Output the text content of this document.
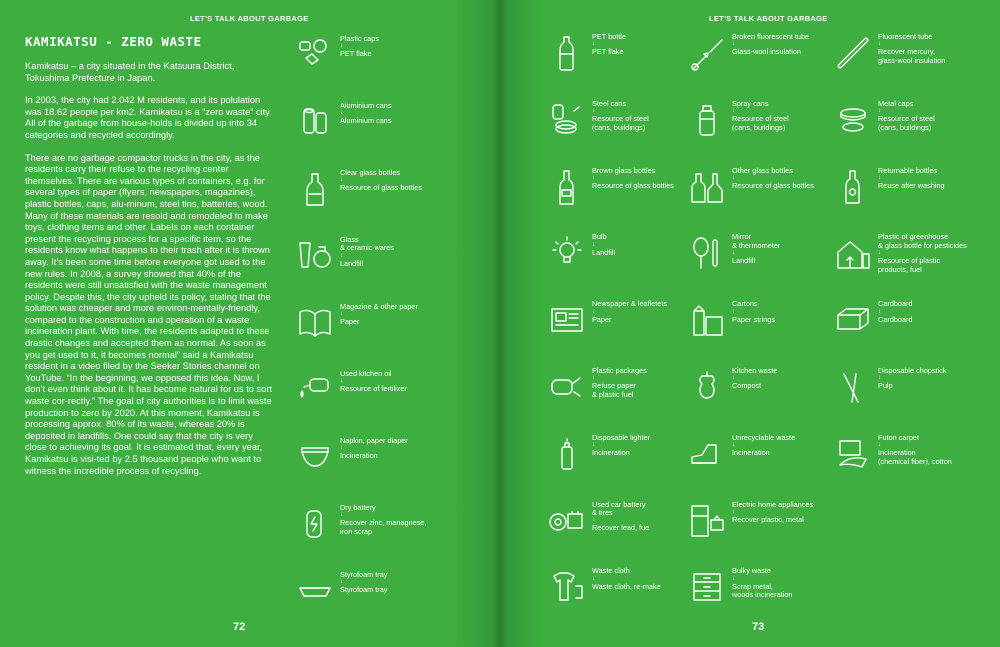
LET'S TALK ABOUT GARBAGE
KAMIKATSU - ZERO WASTE

Kamikatsu – a city situated in the Katsuura District, Tokushima Prefecture in Japan.

In 2003, the city had 2.042 M residents, and its polulation was 18.62 people per km2. Kamikatsu is a “zero waste” city. All of the garbage from house-holds is divided up into 34 categories and recycled accordingly.

There are no garbage compactor trucks in the city, as the residents carry their refuse to the recycling center themselves. There are various types of containers, e.g. for several types of paper (flyers, newspapers, magazines), plastic bottles, caps, alu-minum, steel tins, batteries, wood. Many of these materials are resold and remodeled to make toys, clothing items and other. Labels on each container present the recycling process for a specific item, so the residents know what happens to their trash after it is thrown away. It’s been some time before everyone got used to the new rules. In 2008, a survey showed that 40% of the residents were still unsatisfied with the waste management policy. Despite this, the city upheld its policy, stating that the solution was cheaper and more environ-mentally-friendly, compared to the construction and operation of a waste incineration plant. With time, the residents adapted to these drastic changes and accepted them as normal. As soon as you get used to it, it becomes normal” said a Kamikatsu resident in a video filed by the Seeker Stories channel on YouTube. “In the beginning, we opposed this idea. Now, I don’t even think about it. It has become natural for us to sort waste cor-rectly.” The goal of city authorities is to limit waste production to zero by 2020. At this moment, Kamikatsu is processing approx. 80% of its waste, whereas 20% is deposited in landfills. One could say that the city is very close to achieving its goal. It is estimated that, every year, Kamikatsu is visi-ted by 2.5 thousand people who want to witness the incredible process of recycling.

Plastic caps
↓
PET flake
Aluminium cans
↓
Aluminium cans
Clear glass bottles
↓
Resource of glass bottles
Glass
& ceramic wares
↓
Landfill
Magazine & other paper
↓
Paper
Used kitchen oil
↓
Resource of fertilizer
Napkin, paper diaper
↓
Incineration
Dry battery
↓
Recover zinc, managnese,
iron scrap
Styrofoam tray
↓
Styrofoam tray
72
LET'S TALK ABOUT GARBAGE
PET bottle
↓
PET flake
Steel cans
↓
Resource of steel
(cans, buildings)
Brown glass bottles
↓
Resource of glass bottles
Bulb
↓
Landfill
Newspaper & leafletets
↓
Paper
Plastic packages
↓
Refuse paper
& plastic fuel
Disposable lighter
↓
Incineration
Used car battery
& tires
↓
Recover lead, fue
Waste cloth
↓
Waste cloth, re-make
Broken fluorescent tube
↓
Glass-wool insulation
Spray cans
↓
Resource of steel
(cans, buildings)
Other glass bottles
↓
Resource of glass bottles
Mirror
& thermometer
↓
Landfill
Cartons
↓
Paper strings
Kitchen waste
↓
Compost
Unrecyclable waste
↓
Incineration
Electric home appliances
↓
Recover plastic, metal
Bulky waste
↓
Scrap metal,
woods incineration
Fluorescent tube
↓
Recover mercury,
glass-wool insulation
Metal caps
↓
Resource of steel
(cans, buildings)
Returnable bottles
↓
Reuse after washing
Plastic of greenhouse
& glass bottle for pesticides
↓
Resource of plastic
products, fuel
Cardboard
↓
Cardboard
Disposable chopstick
↓
Pulp
Futon carpet
↓
Incineration
(chemical fiber), cotton
73
